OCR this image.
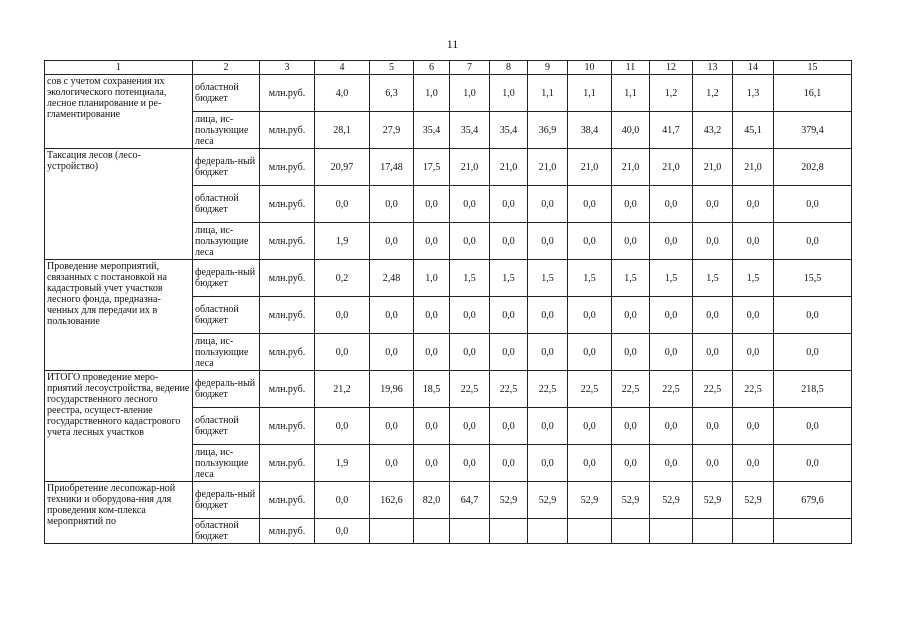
11
1	2	3	4	5	6	7	8	9	10	11	12	13	14	15
сов с учетом сохранения их экологического потенциала, лесное планирование и ре-гламентирование	областной бюджет	млн.руб.	4,0	6,3	1,0	1,0	1,0	1,1	1,1	1,1	1,2	1,2	1,3	16,1
	лица, ис-пользующие леса	млн.руб.	28,1	27,9	35,4	35,4	35,4	36,9	38,4	40,0	41,7	43,2	45,1	379,4
Таксация лесов (лесо-устройство)	федераль-ный бюджет	млн.руб.	20,97	17,48	17,5	21,0	21,0	21,0	21,0	21,0	21,0	21,0	21,0	202,8
	областной бюджет	млн.руб.	0,0	0,0	0,0	0,0	0,0	0,0	0,0	0,0	0,0	0,0	0,0	0,0
	лица, ис-пользующие леса	млн.руб.	1,9	0,0	0,0	0,0	0,0	0,0	0,0	0,0	0,0	0,0	0,0	0,0
Проведение мероприятий, связанных с постановкой на кадастровый учет участков лесного фонда, предназна-ченных для передачи их в пользование	федераль-ный бюджет	млн.руб.	0,2	2,48	1,0	1,5	1,5	1,5	1,5	1,5	1,5	1,5	1,5	15,5
	областной бюджет	млн.руб.	0,0	0,0	0,0	0,0	0,0	0,0	0,0	0,0	0,0	0,0	0,0	0,0
	лица, ис-пользующие леса	млн.руб.	0,0	0,0	0,0	0,0	0,0	0,0	0,0	0,0	0,0	0,0	0,0	0,0
ИТОГО проведение меро-приятий лесоустройства, ведение государственного лесного реестра, осущест-вление государственного кадастрового учета лесных участков	федераль-ный бюджет	млн.руб.	21,2	19,96	18,5	22,5	22,5	22,5	22,5	22,5	22,5	22,5	22,5	218,5
	областной бюджет	млн.руб.	0,0	0,0	0,0	0,0	0,0	0,0	0,0	0,0	0,0	0,0	0,0	0,0
	лица, ис-пользующие леса	млн.руб.	1,9	0,0	0,0	0,0	0,0	0,0	0,0	0,0	0,0	0,0	0,0	0,0
Приобретение лесопожар-ной техники и оборудова-ния для проведения ком-плекса мероприятий по	федераль-ный бюджет	млн.руб.	0,0	162,6	82,0	64,7	52,9	52,9	52,9	52,9	52,9	52,9	52,9	679,6
	областной бюджет	млн.руб.	0,0											
